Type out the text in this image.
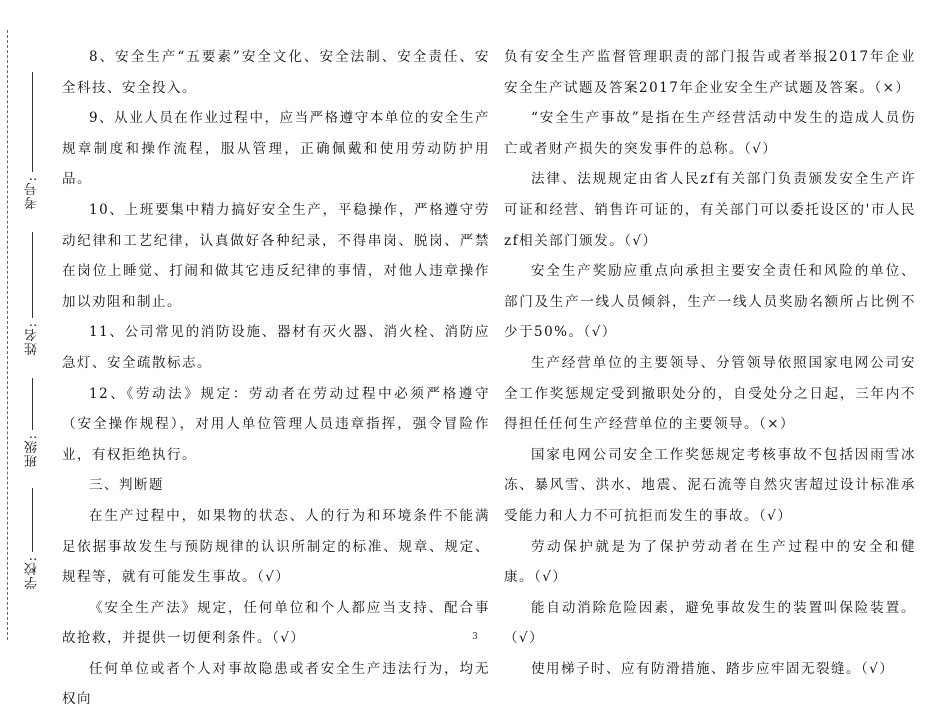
考号:
姓名:
班级:
学校:

8、安全生产“五要素”安全文化、安全法制、安全责任、安全科技、安全投入。

9、从业人员在作业过程中，应当严格遵守本单位的安全生产规章制度和操作流程，服从管理，正确佩戴和使用劳动防护用品。

10、上班要集中精力搞好安全生产，平稳操作，严格遵守劳动纪律和工艺纪律，认真做好各种纪录，不得串岗、脱岗、严禁在岗位上睡觉、打闹和做其它违反纪律的事情，对他人违章操作加以劝阻和制止。

11、公司常见的消防设施、器材有灭火器、消火栓、消防应急灯、安全疏散标志。

12、《劳动法》规定：劳动者在劳动过程中必须严格遵守（安全操作规程），对用人单位管理人员违章指挥，强令冒险作业，有权拒绝执行。

三、判断题

在生产过程中，如果物的状态、人的行为和环境条件不能满足依据事故发生与预防规律的认识所制定的标准、规章、规定、规程等，就有可能发生事故。（√）

《安全生产法》规定，任何单位和个人都应当支持、配合事故抢救，并提供一切便利条件。（√）

任何单位或者个人对事故隐患或者安全生产违法行为，均无权向

负有安全生产监督管理职责的部门报告或者举报2017年企业安全生产试题及答案2017年企业安全生产试题及答案。（×）

“安全生产事故”是指在生产经营活动中发生的造成人员伤亡或者财产损失的突发事件的总称。（√）

法律、法规规定由省人民zf有关部门负责颁发安全生产许可证和经营、销售许可证的，有关部门可以委托设区的'市人民zf相关部门颁发。（√）

安全生产奖励应重点向承担主要安全责任和风险的单位、部门及生产一线人员倾斜，生产一线人员奖励名额所占比例不少于50%。（√）

生产经营单位的主要领导、分管领导依照国家电网公司安全工作奖惩规定受到撤职处分的，自受处分之日起，三年内不得担任任何生产经营单位的主要领导。（×）

国家电网公司安全工作奖惩规定考核事故不包括因雨雪冰冻、暴风雪、洪水、地震、泥石流等自然灾害超过设计标准承受能力和人力不可抗拒而发生的事故。（√）

劳动保护就是为了保护劳动者在生产过程中的安全和健康。（√）

能自动消除危险因素，避免事故发生的装置叫保险装置。（√）

使用梯子时、应有防滑措施、踏步应牢固无裂缝。（√）

3
